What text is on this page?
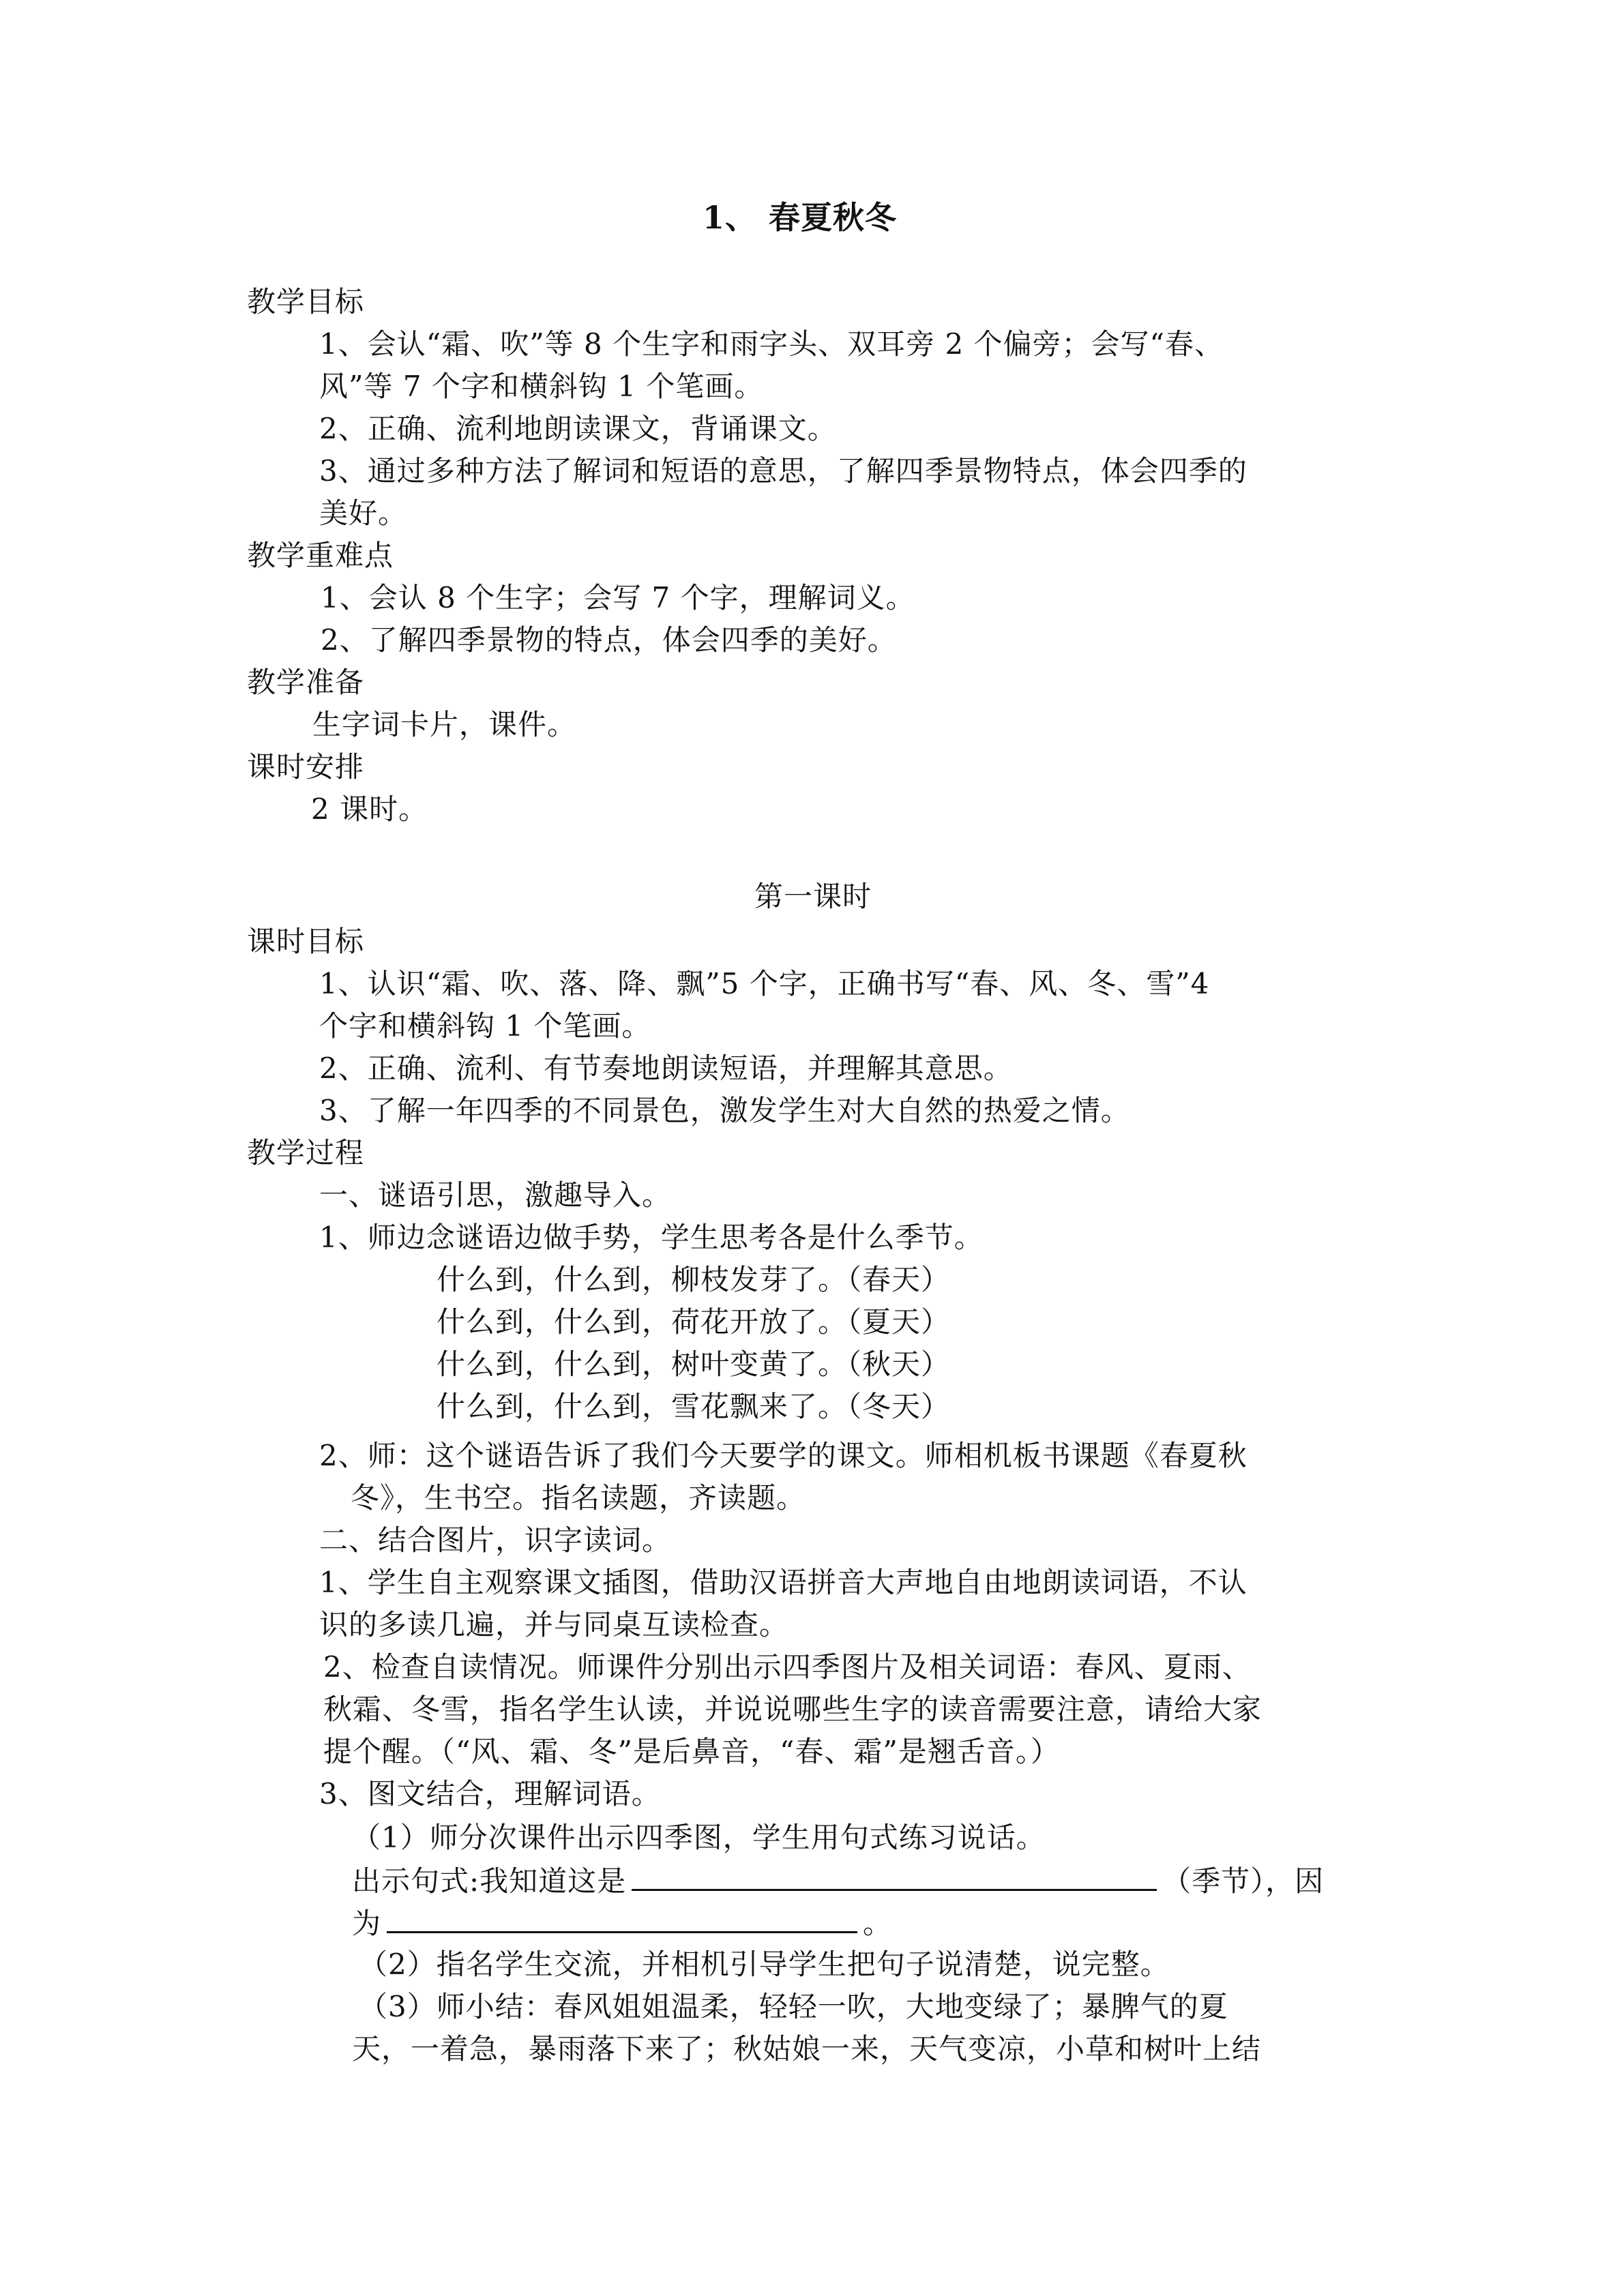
1、 春夏秋冬
教学目标
1、会认“霜、吹”等 8 个生字和雨字头、双耳旁 2 个偏旁；会写“春、
风”等 7 个字和横斜钩 1 个笔画。
2、正确、流利地朗读课文，背诵课文。
3、通过多种方法了解词和短语的意思，了解四季景物特点，体会四季的
美好。
教学重难点
1、会认 8 个生字；会写 7 个字，理解词义。
2、了解四季景物的特点，体会四季的美好。
教学准备
生字词卡片，课件。
课时安排
2 课时。
第一课时
课时目标
1、认识“霜、吹、落、降、飘”5 个字，正确书写“春、风、冬、雪”4
个字和横斜钩 1 个笔画。
2、正确、流利、有节奏地朗读短语，并理解其意思。
3、了解一年四季的不同景色，激发学生对大自然的热爱之情。
教学过程
一、谜语引思，激趣导入。
1、师边念谜语边做手势，学生思考各是什么季节。
什么到，什么到，柳枝发芽了。（春天）
什么到，什么到，荷花开放了。（夏天）
什么到，什么到，树叶变黄了。（秋天）
什么到，什么到，雪花飘来了。（冬天）
2、师：这个谜语告诉了我们今天要学的课文。师相机板书课题《春夏秋
冬》，生书空。指名读题，齐读题。
二、结合图片，识字读词。
1、学生自主观察课文插图，借助汉语拼音大声地自由地朗读词语，不认
识的多读几遍，并与同桌互读检查。
2、检查自读情况。师课件分别出示四季图片及相关词语：春风、夏雨、
秋霜、冬雪，指名学生认读，并说说哪些生字的读音需要注意，请给大家
提个醒。（“风、霜、冬”是后鼻音，“春、霜”是翘舌音。）
3、图文结合，理解词语。
（1）师分次课件出示四季图，学生用句式练习说话。
出示句式:我知道这是	（季节），因
为	。
（2）指名学生交流，并相机引导学生把句子说清楚，说完整。
（3）师小结：春风姐姐温柔，轻轻一吹，大地变绿了；暴脾气的夏
天，一着急，暴雨落下来了；秋姑娘一来，天气变凉，小草和树叶上结
